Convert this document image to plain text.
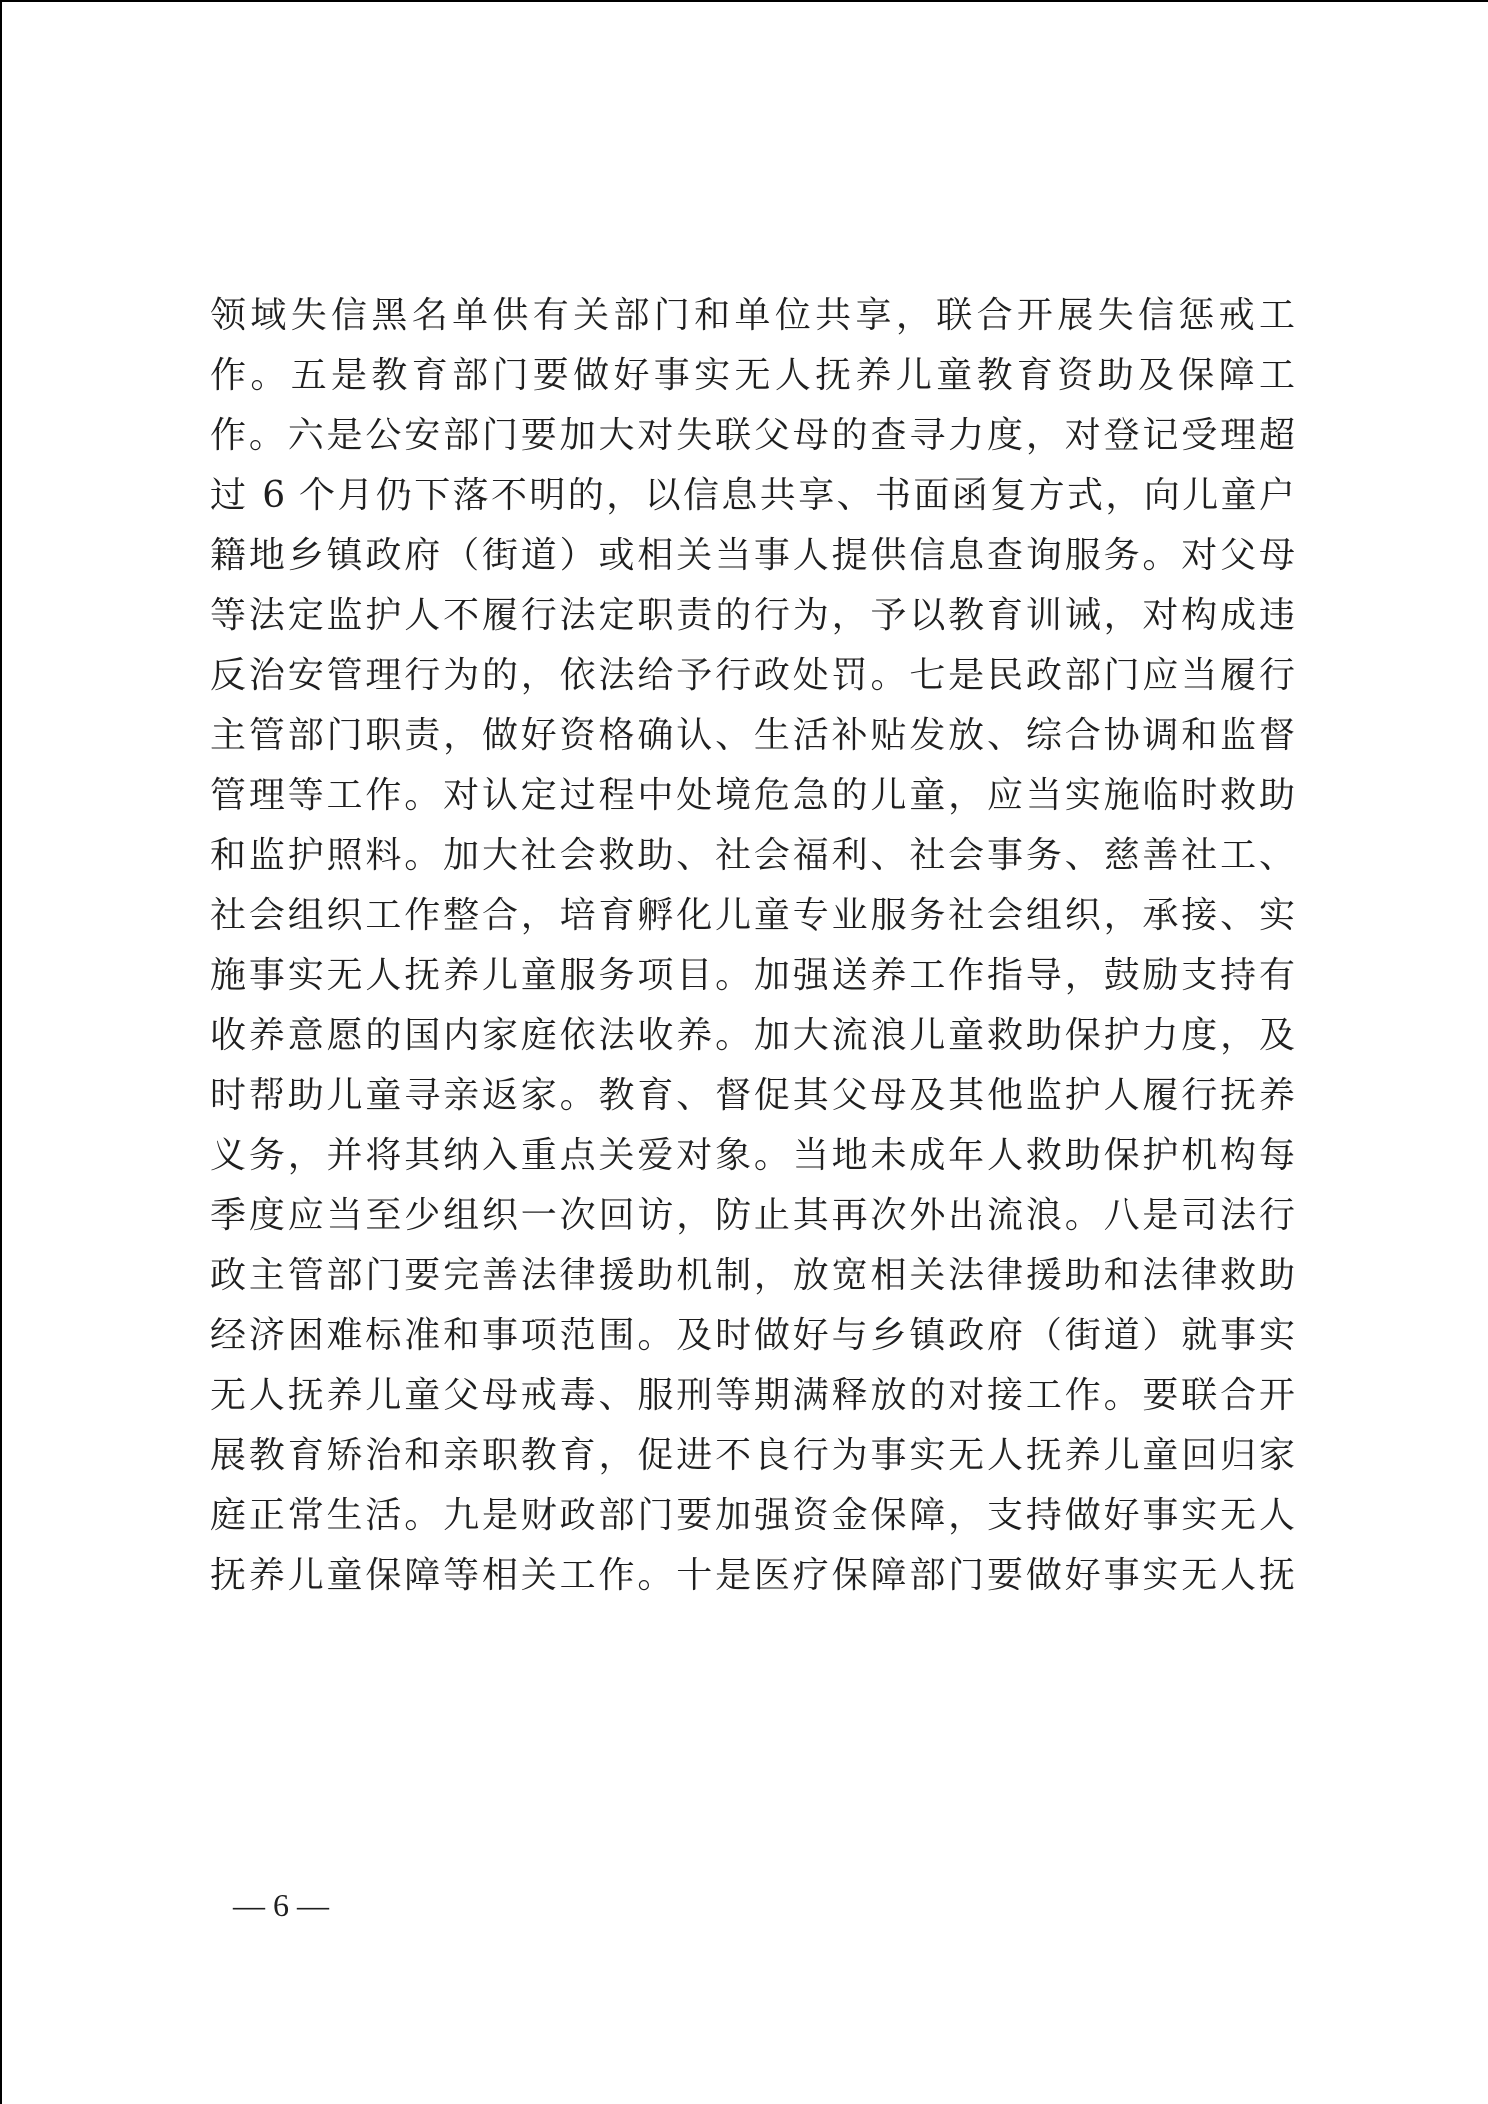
领域失信黑名单供有关部门和单位共享，联合开展失信惩戒工
作。五是教育部门要做好事实无人抚养儿童教育资助及保障工
作。六是公安部门要加大对失联父母的查寻力度，对登记受理超
过 6 个月仍下落不明的，以信息共享、书面函复方式，向儿童户
籍地乡镇政府（街道）或相关当事人提供信息查询服务。对父母
等法定监护人不履行法定职责的行为，予以教育训诫，对构成违
反治安管理行为的，依法给予行政处罚。七是民政部门应当履行
主管部门职责，做好资格确认、生活补贴发放、综合协调和监督
管理等工作。对认定过程中处境危急的儿童，应当实施临时救助
和监护照料。加大社会救助、社会福利、社会事务、慈善社工、
社会组织工作整合，培育孵化儿童专业服务社会组织，承接、实
施事实无人抚养儿童服务项目。加强送养工作指导，鼓励支持有
收养意愿的国内家庭依法收养。加大流浪儿童救助保护力度，及
时帮助儿童寻亲返家。教育、督促其父母及其他监护人履行抚养
义务，并将其纳入重点关爱对象。当地未成年人救助保护机构每
季度应当至少组织一次回访，防止其再次外出流浪。八是司法行
政主管部门要完善法律援助机制，放宽相关法律援助和法律救助
经济困难标准和事项范围。及时做好与乡镇政府（街道）就事实
无人抚养儿童父母戒毒、服刑等期满释放的对接工作。要联合开
展教育矫治和亲职教育，促进不良行为事实无人抚养儿童回归家
庭正常生活。九是财政部门要加强资金保障，支持做好事实无人
抚养儿童保障等相关工作。十是医疗保障部门要做好事实无人抚
— 6 —
